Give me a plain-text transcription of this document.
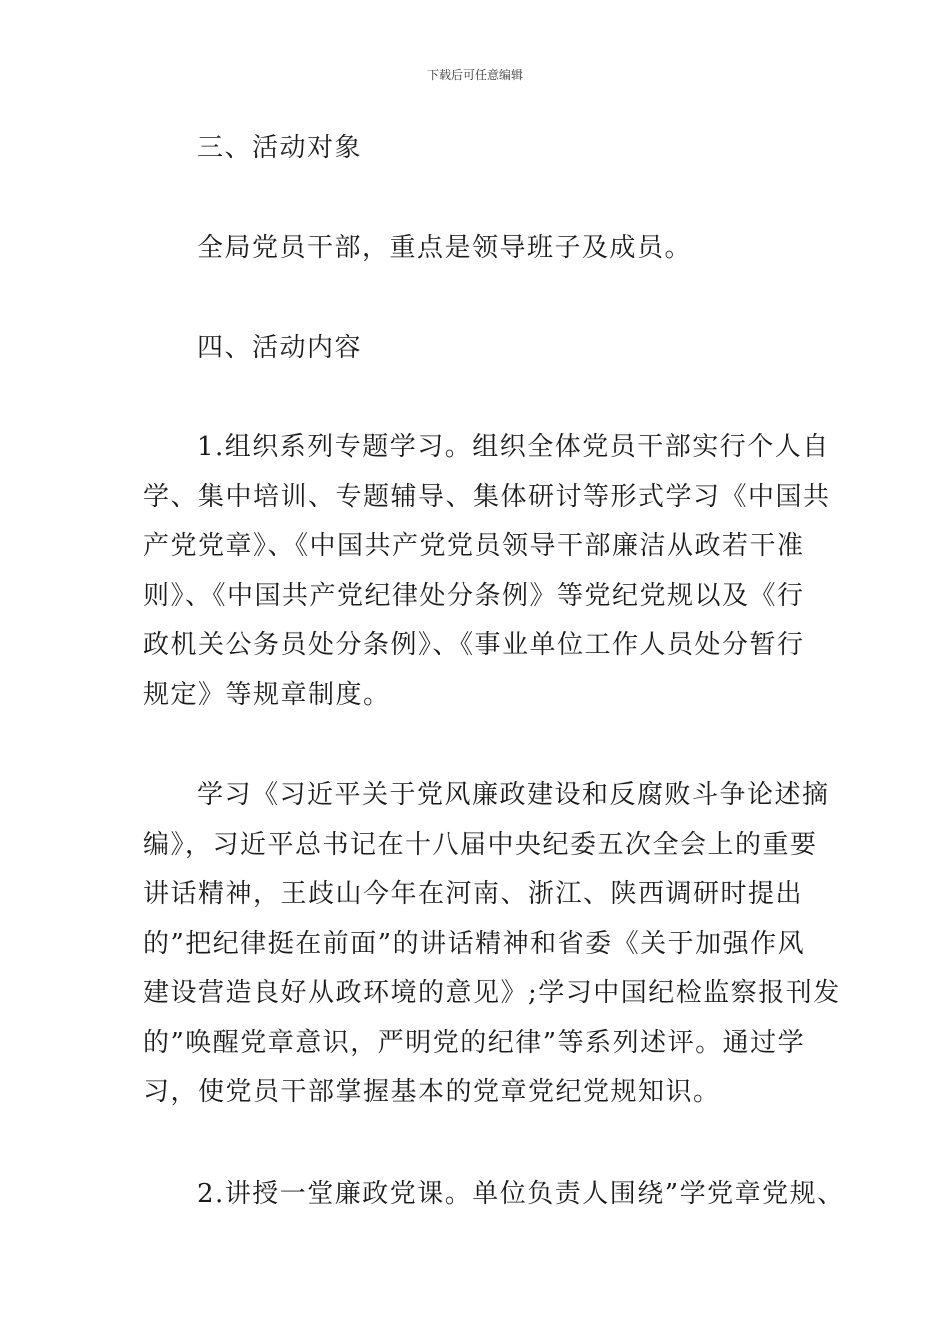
下载后可任意编辑
三、活动对象
全局党员干部，重点是领导班子及成员。
四、活动内容
1.组织系列专题学习。组织全体党员干部实行个人自
学、集中培训、专题辅导、集体研讨等形式学习《中国共
产党党章》、《中国共产党党员领导干部廉洁从政若干准
则》、《中国共产党纪律处分条例》等党纪党规以及《行
政机关公务员处分条例》、《事业单位工作人员处分暂行
规定》等规章制度。
学习《习近平关于党风廉政建设和反腐败斗争论述摘
编》，习近平总书记在十八届中央纪委五次全会上的重要
讲话精神，王歧山今年在河南、浙江、陕西调研时提出
的”把纪律挺在前面”的讲话精神和省委《关于加强作风
建设营造良好从政环境的意见》;学习中国纪检监察报刊发
的”唤醒党章意识，严明党的纪律”等系列述评。通过学
习，使党员干部掌握基本的党章党纪党规知识。
2.讲授一堂廉政党课。单位负责人围绕”学党章党规、
